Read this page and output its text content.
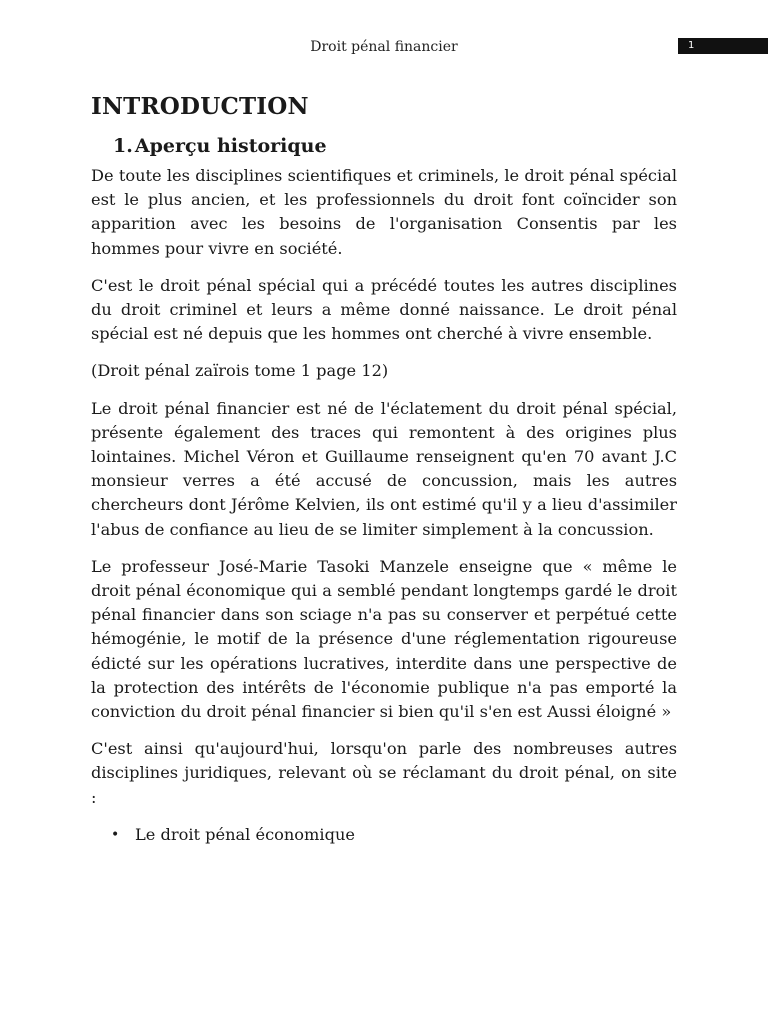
Droit pénal financier	1
INTRODUCTION
1. Aperçu historique

De toute les disciplines scientifiques et criminels, le droit pénal spécial est le plus ancien, et les professionnels du droit font coïncider son apparition avec les besoins de l'organisation Consentis par les hommes pour vivre en société.

C'est le droit pénal spécial qui a précédé toutes les autres disciplines du droit criminel et leurs a même donné naissance. Le droit pénal spécial est né depuis que les hommes ont cherché à vivre ensemble.

(Droit pénal zaïrois tome 1 page 12)

Le droit pénal financier est né de l'éclatement du droit pénal spécial, présente également des traces qui remontent à des origines plus lointaines. Michel Véron et Guillaume renseignent qu'en 70 avant J.C monsieur verres a été accusé de concussion, mais les autres chercheurs dont Jérôme Kelvien, ils ont estimé qu'il y a lieu d'assimiler l'abus de confiance au lieu de se limiter simplement à la concussion.

Le professeur José-Marie Tasoki Manzele enseigne que « même le droit pénal économique qui a semblé pendant longtemps gardé le droit pénal financier dans son sciage n'a pas su conserver et perpétué cette hémogénie, le motif de la présence d'une réglementation rigoureuse édicté sur les opérations lucratives, interdite dans une perspective de la protection des intérêts de l'économie publique n'a pas emporté la conviction du droit pénal financier si bien qu'il s'en est Aussi éloigné »

C'est ainsi qu'aujourd'hui, lorsqu'on parle des nombreuses autres disciplines juridiques, relevant où se réclamant du droit pénal, on site :

• Le droit pénal économique
